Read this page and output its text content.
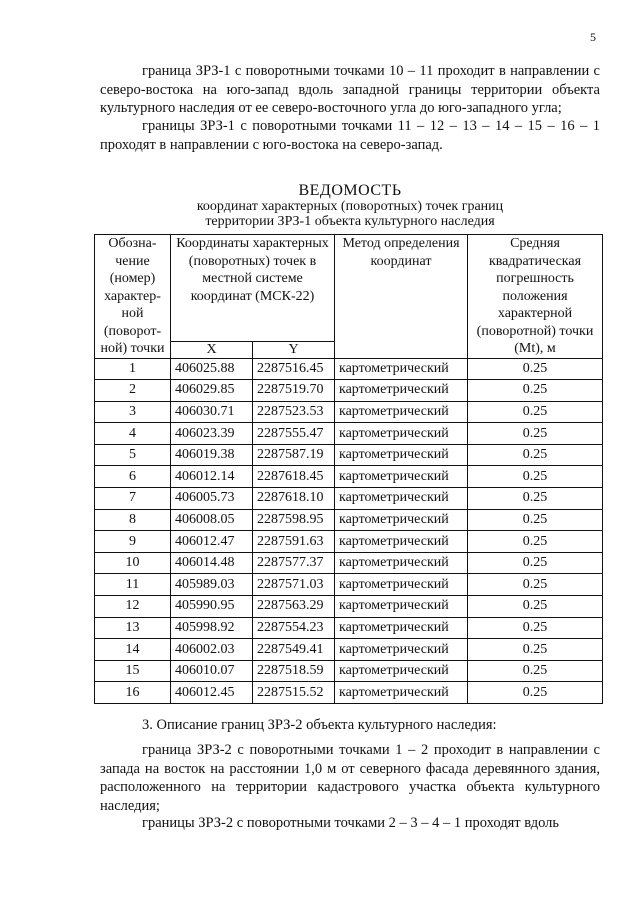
5

граница ЗРЗ-1 с поворотными точками 10 – 11 проходит в направлении с северо-востока на юго-запад вдоль западной границы территории объекта культурного наследия от ее северо-восточного угла до юго-западного угла;

границы ЗРЗ-1 с поворотными точками 11 – 12 – 13 – 14 – 15 – 16 – 1 проходят в направлении с юго-востока на северо-запад.

ВЕДОМОСТЬ
координат характерных (поворотных) точек границ
территории ЗРЗ-1 объекта культурного наследия
Обозна-чение (номер) характер-ной (поворот-ной) точки	Координаты характерных (поворотных) точек в местной системе координат (МСК-22)		Метод определения координат	Средняя квадратическая погрешность положения характерной (поворотной) точки (Mt), м
	X	Y		
1	406025.88	2287516.45	картометрический	0.25
2	406029.85	2287519.70	картометрический	0.25
3	406030.71	2287523.53	картометрический	0.25
4	406023.39	2287555.47	картометрический	0.25
5	406019.38	2287587.19	картометрический	0.25
6	406012.14	2287618.45	картометрический	0.25
7	406005.73	2287618.10	картометрический	0.25
8	406008.05	2287598.95	картометрический	0.25
9	406012.47	2287591.63	картометрический	0.25
10	406014.48	2287577.37	картометрический	0.25
11	405989.03	2287571.03	картометрический	0.25
12	405990.95	2287563.29	картометрический	0.25
13	405998.92	2287554.23	картометрический	0.25
14	406002.03	2287549.41	картометрический	0.25
15	406010.07	2287518.59	картометрический	0.25
16	406012.45	2287515.52	картометрический	0.25

3. Описание границ ЗРЗ-2 объекта культурного наследия:

граница ЗРЗ-2 с поворотными точками 1 – 2 проходит в направлении с запада на восток на расстоянии 1,0 м от северного фасада деревянного здания, расположенного на территории кадастрового участка объекта культурного наследия;

границы ЗРЗ-2 с поворотными точками 2 – 3 – 4 – 1 проходят вдоль
